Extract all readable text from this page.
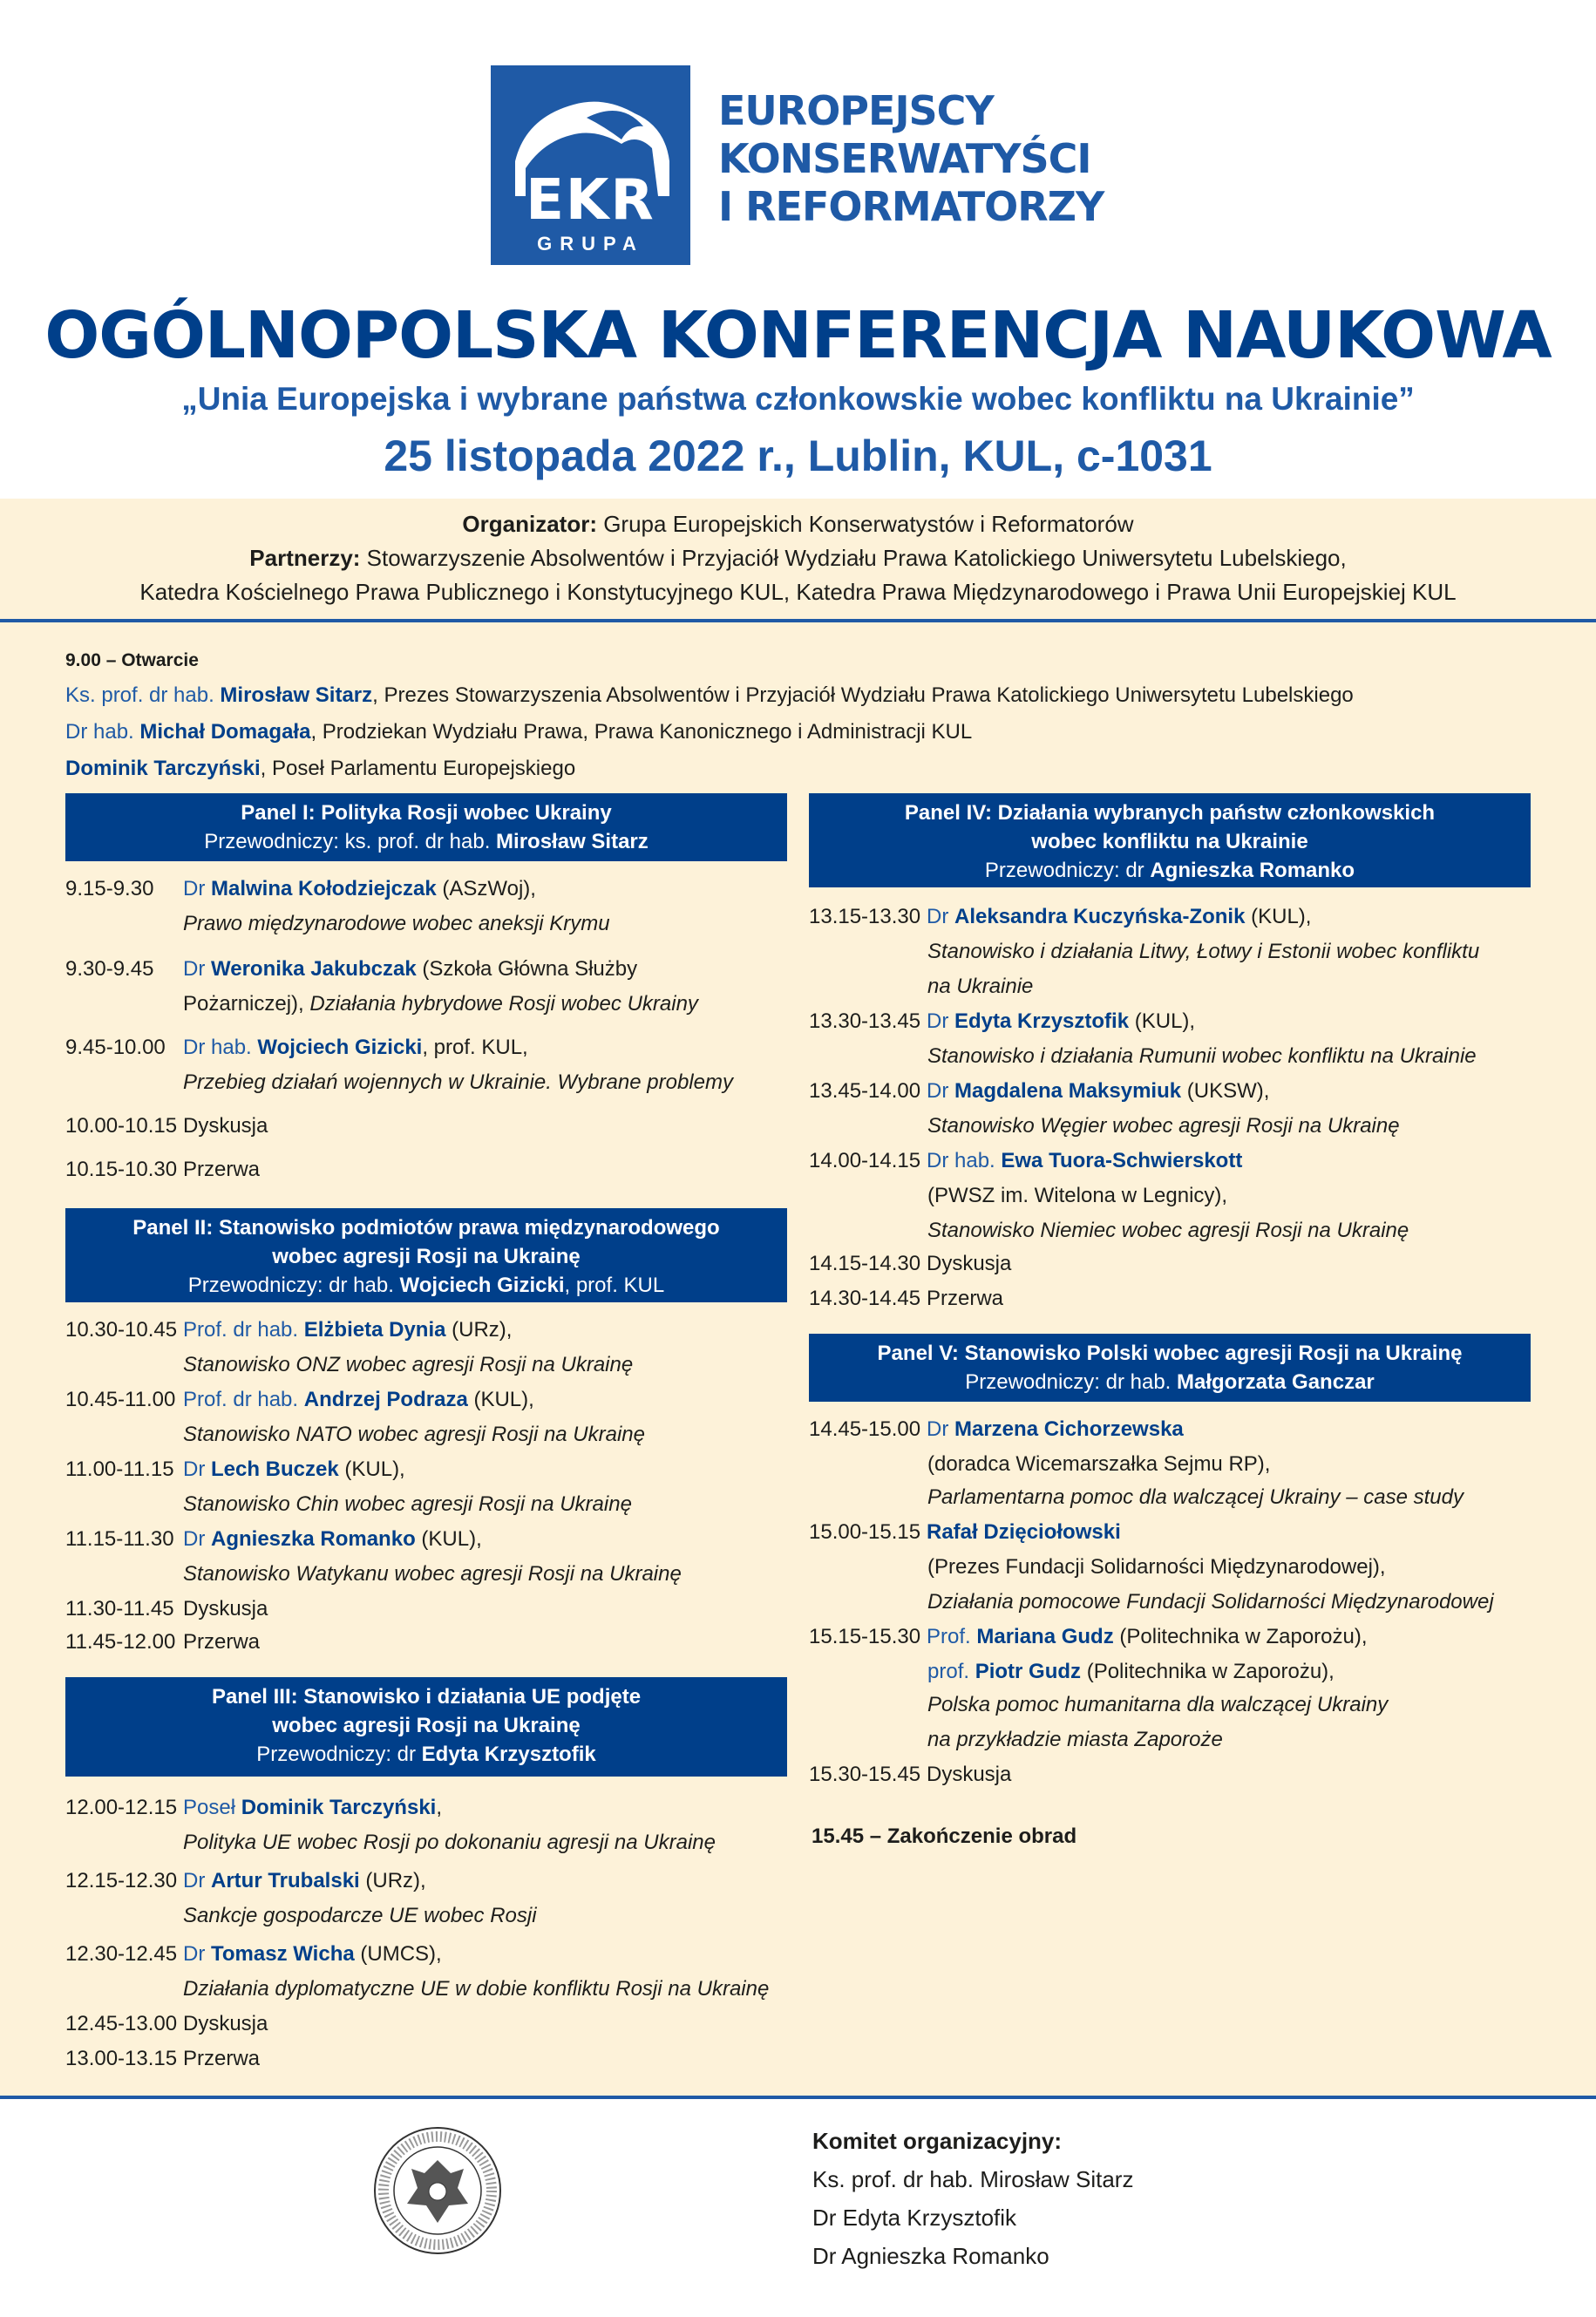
EKR
GRUPA
EUROPEJSCY
KONSERWATYŚCI
I REFORMATORZY
OGÓLNOPOLSKA KONFERENCJA NAUKOWA
„Unia Europejska i wybrane państwa członkowskie wobec konfliktu na Ukrainie”
25 listopada 2022 r., Lublin, KUL, c-1031
Organizator: Grupa Europejskich Konserwatystów i Reformatorów
Partnerzy: Stowarzyszenie Absolwentów i Przyjaciół Wydziału Prawa Katolickiego Uniwersytetu Lubelskiego,
Katedra Kościelnego Prawa Publicznego i Konstytucyjnego KUL, Katedra Prawa Międzynarodowego i Prawa Unii Europejskiej KUL
9.00 – Otwarcie
Ks. prof. dr hab. Mirosław Sitarz, Prezes Stowarzyszenia Absolwentów i Przyjaciół Wydziału Prawa Katolickiego Uniwersytetu Lubelskiego
Dr hab. Michał Domagała, Prodziekan Wydziału Prawa, Prawa Kanonicznego i Administracji KUL
Dominik Tarczyński, Poseł Parlamentu Europejskiego
Panel I: Polityka Rosji wobec Ukrainy
Przewodniczy: ks. prof. dr hab. Mirosław Sitarz
9.15-9.30 Dr Malwina Kołodziejczak (ASzWoj),
Prawo międzynarodowe wobec aneksji Krymu
9.30-9.45 Dr Weronika Jakubczak (Szkoła Główna Służby
Pożarniczej), Działania hybrydowe Rosji wobec Ukrainy
9.45-10.00 Dr hab. Wojciech Gizicki, prof. KUL,
Przebieg działań wojennych w Ukrainie. Wybrane problemy
10.00-10.15 Dyskusja
10.15-10.30 Przerwa
Panel II: Stanowisko podmiotów prawa międzynarodowego
wobec agresji Rosji na Ukrainę
Przewodniczy: dr hab. Wojciech Gizicki, prof. KUL
10.30-10.45 Prof. dr hab. Elżbieta Dynia (URz),
Stanowisko ONZ wobec agresji Rosji na Ukrainę
10.45-11.00 Prof. dr hab. Andrzej Podraza (KUL),
Stanowisko NATO wobec agresji Rosji na Ukrainę
11.00-11.15 Dr Lech Buczek (KUL),
Stanowisko Chin wobec agresji Rosji na Ukrainę
11.15-11.30 Dr Agnieszka Romanko (KUL),
Stanowisko Watykanu wobec agresji Rosji na Ukrainę
11.30-11.45 Dyskusja
11.45-12.00 Przerwa
Panel III: Stanowisko i działania UE podjęte
wobec agresji Rosji na Ukrainę
Przewodniczy: dr Edyta Krzysztofik
12.00-12.15 Poseł Dominik Tarczyński,
Polityka UE wobec Rosji po dokonaniu agresji na Ukrainę
12.15-12.30 Dr Artur Trubalski (URz),
Sankcje gospodarcze UE wobec Rosji
12.30-12.45 Dr Tomasz Wicha (UMCS),
Działania dyplomatyczne UE w dobie konfliktu Rosji na Ukrainę
12.45-13.00 Dyskusja
13.00-13.15 Przerwa
Panel IV: Działania wybranych państw członkowskich
wobec konfliktu na Ukrainie
Przewodniczy: dr Agnieszka Romanko
13.15-13.30 Dr Aleksandra Kuczyńska-Zonik (KUL),
Stanowisko i działania Litwy, Łotwy i Estonii wobec konfliktu
na Ukrainie
13.30-13.45 Dr Edyta Krzysztofik (KUL),
Stanowisko i działania Rumunii wobec konfliktu na Ukrainie
13.45-14.00 Dr Magdalena Maksymiuk (UKSW),
Stanowisko Węgier wobec agresji Rosji na Ukrainę
14.00-14.15 Dr hab. Ewa Tuora-Schwierskott
(PWSZ im. Witelona w Legnicy),
Stanowisko Niemiec wobec agresji Rosji na Ukrainę
14.15-14.30 Dyskusja
14.30-14.45 Przerwa
Panel V: Stanowisko Polski wobec agresji Rosji na Ukrainę
Przewodniczy: dr hab. Małgorzata Ganczar
14.45-15.00 Dr Marzena Cichorzewska
(doradca Wicemarszałka Sejmu RP),
Parlamentarna pomoc dla walczącej Ukrainy – case study
15.00-15.15 Rafał Dzięciołowski
(Prezes Fundacji Solidarności Międzynarodowej),
Działania pomocowe Fundacji Solidarności Międzynarodowej
15.15-15.30 Prof. Mariana Gudz (Politechnika w Zaporożu),
prof. Piotr Gudz (Politechnika w Zaporożu),
Polska pomoc humanitarna dla walczącej Ukrainy
na przykładzie miasta Zaporoże
15.30-15.45 Dyskusja
15.45 – Zakończenie obrad
Komitet organizacyjny:
Ks. prof. dr hab. Mirosław Sitarz
Dr Edyta Krzysztofik
Dr Agnieszka Romanko
